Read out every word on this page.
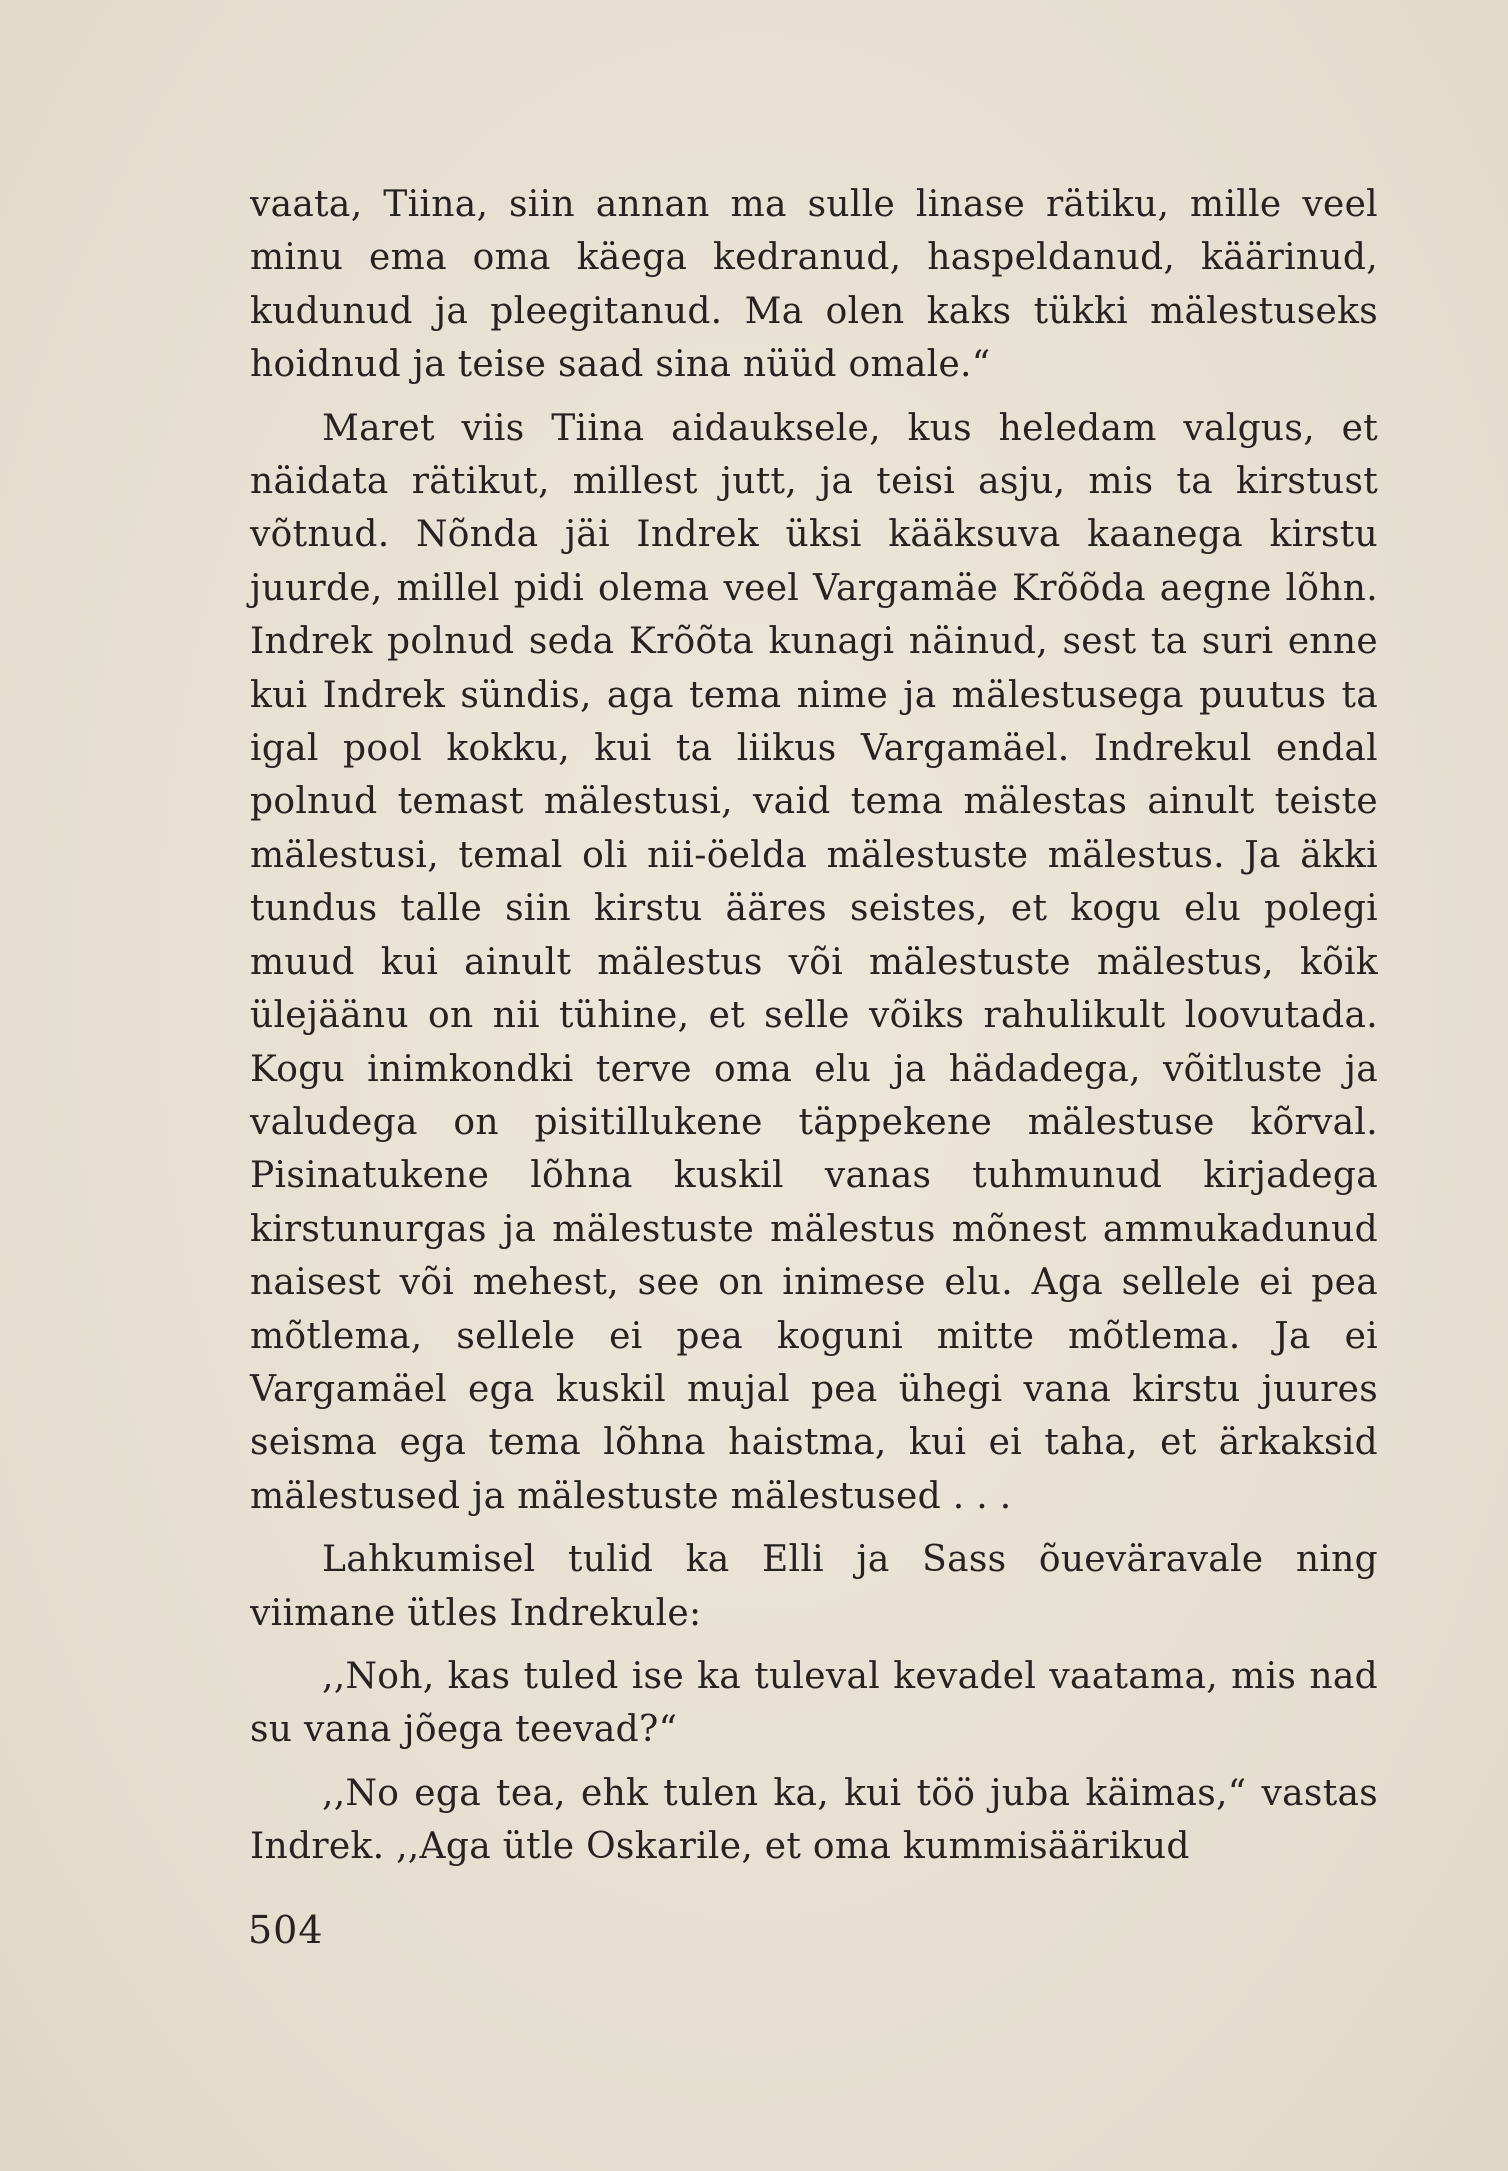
vaata, Tiina, siin annan ma sulle linase rätiku, mille veel minu ema oma käega kedranud, haspeldanud, käärinud, kudunud ja pleegitanud. Ma olen kaks tükki mälestuseks hoidnud ja teise saad sina nüüd omale.“

Maret viis Tiina aidauksele, kus heledam valgus, et näidata rätikut, millest jutt, ja teisi asju, mis ta kirstust võtnud. Nõnda jäi Indrek üksi kääksuva kaanega kirstu juurde, millel pidi olema veel Vargamäe Krõõda aegne lõhn. Indrek polnud seda Krõõta kunagi näinud, sest ta suri enne kui Indrek sündis, aga tema nime ja mälestusega puutus ta igal pool kokku, kui ta liikus Vargamäel. Indrekul endal polnud temast mälestusi, vaid tema mälestas ainult teiste mälestusi, temal oli nii-öelda mälestuste mälestus. Ja äkki tundus talle siin kirstu ääres seistes, et kogu elu polegi muud kui ainult mälestus või mälestuste mälestus, kõik ülejäänu on nii tühine, et selle võiks rahulikult loovutada. Kogu inimkondki terve oma elu ja hädadega, võitluste ja valudega on pisitillukene täppekene mälestuse kõrval. Pisinatukene lõhna kuskil vanas tuhmunud kirjadega kirstunurgas ja mälestuste mälestus mõnest ammukadunud naisest või mehest, see on inimese elu. Aga sellele ei pea mõtlema, sellele ei pea koguni mitte mõtlema. Ja ei Vargamäel ega kuskil mujal pea ühegi vana kirstu juures seisma ega tema lõhna haistma, kui ei taha, et ärkaksid mälestused ja mälestuste mälestused . . .

Lahkumisel tulid ka Elli ja Sass õueväravale ning viimane ütles Indrekule:

,,Noh, kas tuled ise ka tuleval kevadel vaatama, mis nad su vana jõega teevad?“

,,No ega tea, ehk tulen ka, kui töö juba käimas,“ vastas Indrek. ,,Aga ütle Oskarile, et oma kummisäärikud

504
